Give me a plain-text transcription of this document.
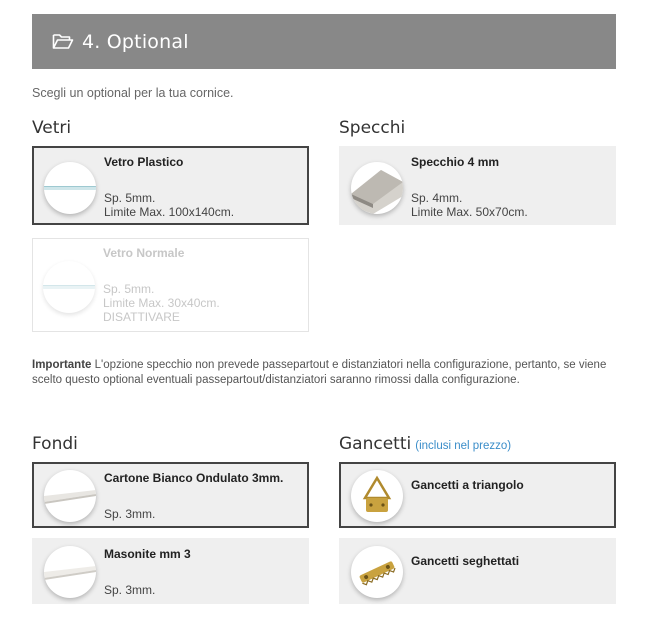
4. Optional
Scegli un optional per la tua cornice.
Vetri
Vetro Plastico
Sp. 5mm.
Limite Max. 100x140cm.
Vetro Normale
Sp. 5mm.
Limite Max. 30x40cm.
DISATTIVARE
Specchi
Specchio 4 mm
Sp. 4mm.
Limite Max. 50x70cm.
Importante L'opzione specchio non prevede passepartout e distanziatori nella configurazione, pertanto, se viene scelto questo optional eventuali passepartout/distanziatori saranno rimossi dalla configurazione.
Fondi
Cartone Bianco Ondulato 3mm.
Sp. 3mm.
Masonite mm 3
Sp. 3mm.
Gancetti (inclusi nel prezzo)
Gancetti a triangolo
Gancetti seghettati
